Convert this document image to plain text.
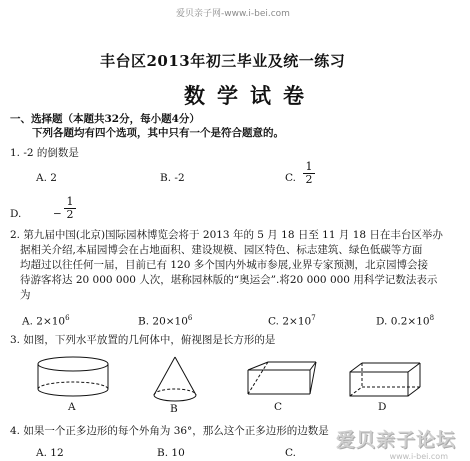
爱贝亲子网-www.i-bei.com
丰台区2013年初三毕业及统一练习
数学试卷
一、选择题（本题共32分，每小题4分）
下列各题均有四个选项，其中只有一个是符合题意的。
1. -2 的倒数是
A. 2	B. -2	C. $\frac{1}{2}$
D.	− $\frac{1}{2}$
2. 第九届中国(北京)国际园林博览会将于 2013 年的 5 月 18 日至 11 月 18 日在丰台区举办
据相关介绍,本届园博会在占地面积、建设规模、园区特色、标志建筑、绿色低碳等方面
均超过以往任何一届，目前已有 120 多个国内外城市参展,业界专家预测，北京园博会接
待游客将达 20 000 000 人次，堪称园林版的“奥运会”.将20 000 000 用科学记数法表示
为
A. $2\times 10^6$	B. $20\times 10^6$	C. $2\times 10^7$	D. $0.2\times 10^8$
3. 如图，下列水平放置的几何体中，俯视图是长方形的是
A	B	C	D
4. 如果一个正多边形的每个外角为 36°，那么这个正多边形的边数是
A. 12	B. 10	C.
爱贝亲子论坛
www.i-bei.com
